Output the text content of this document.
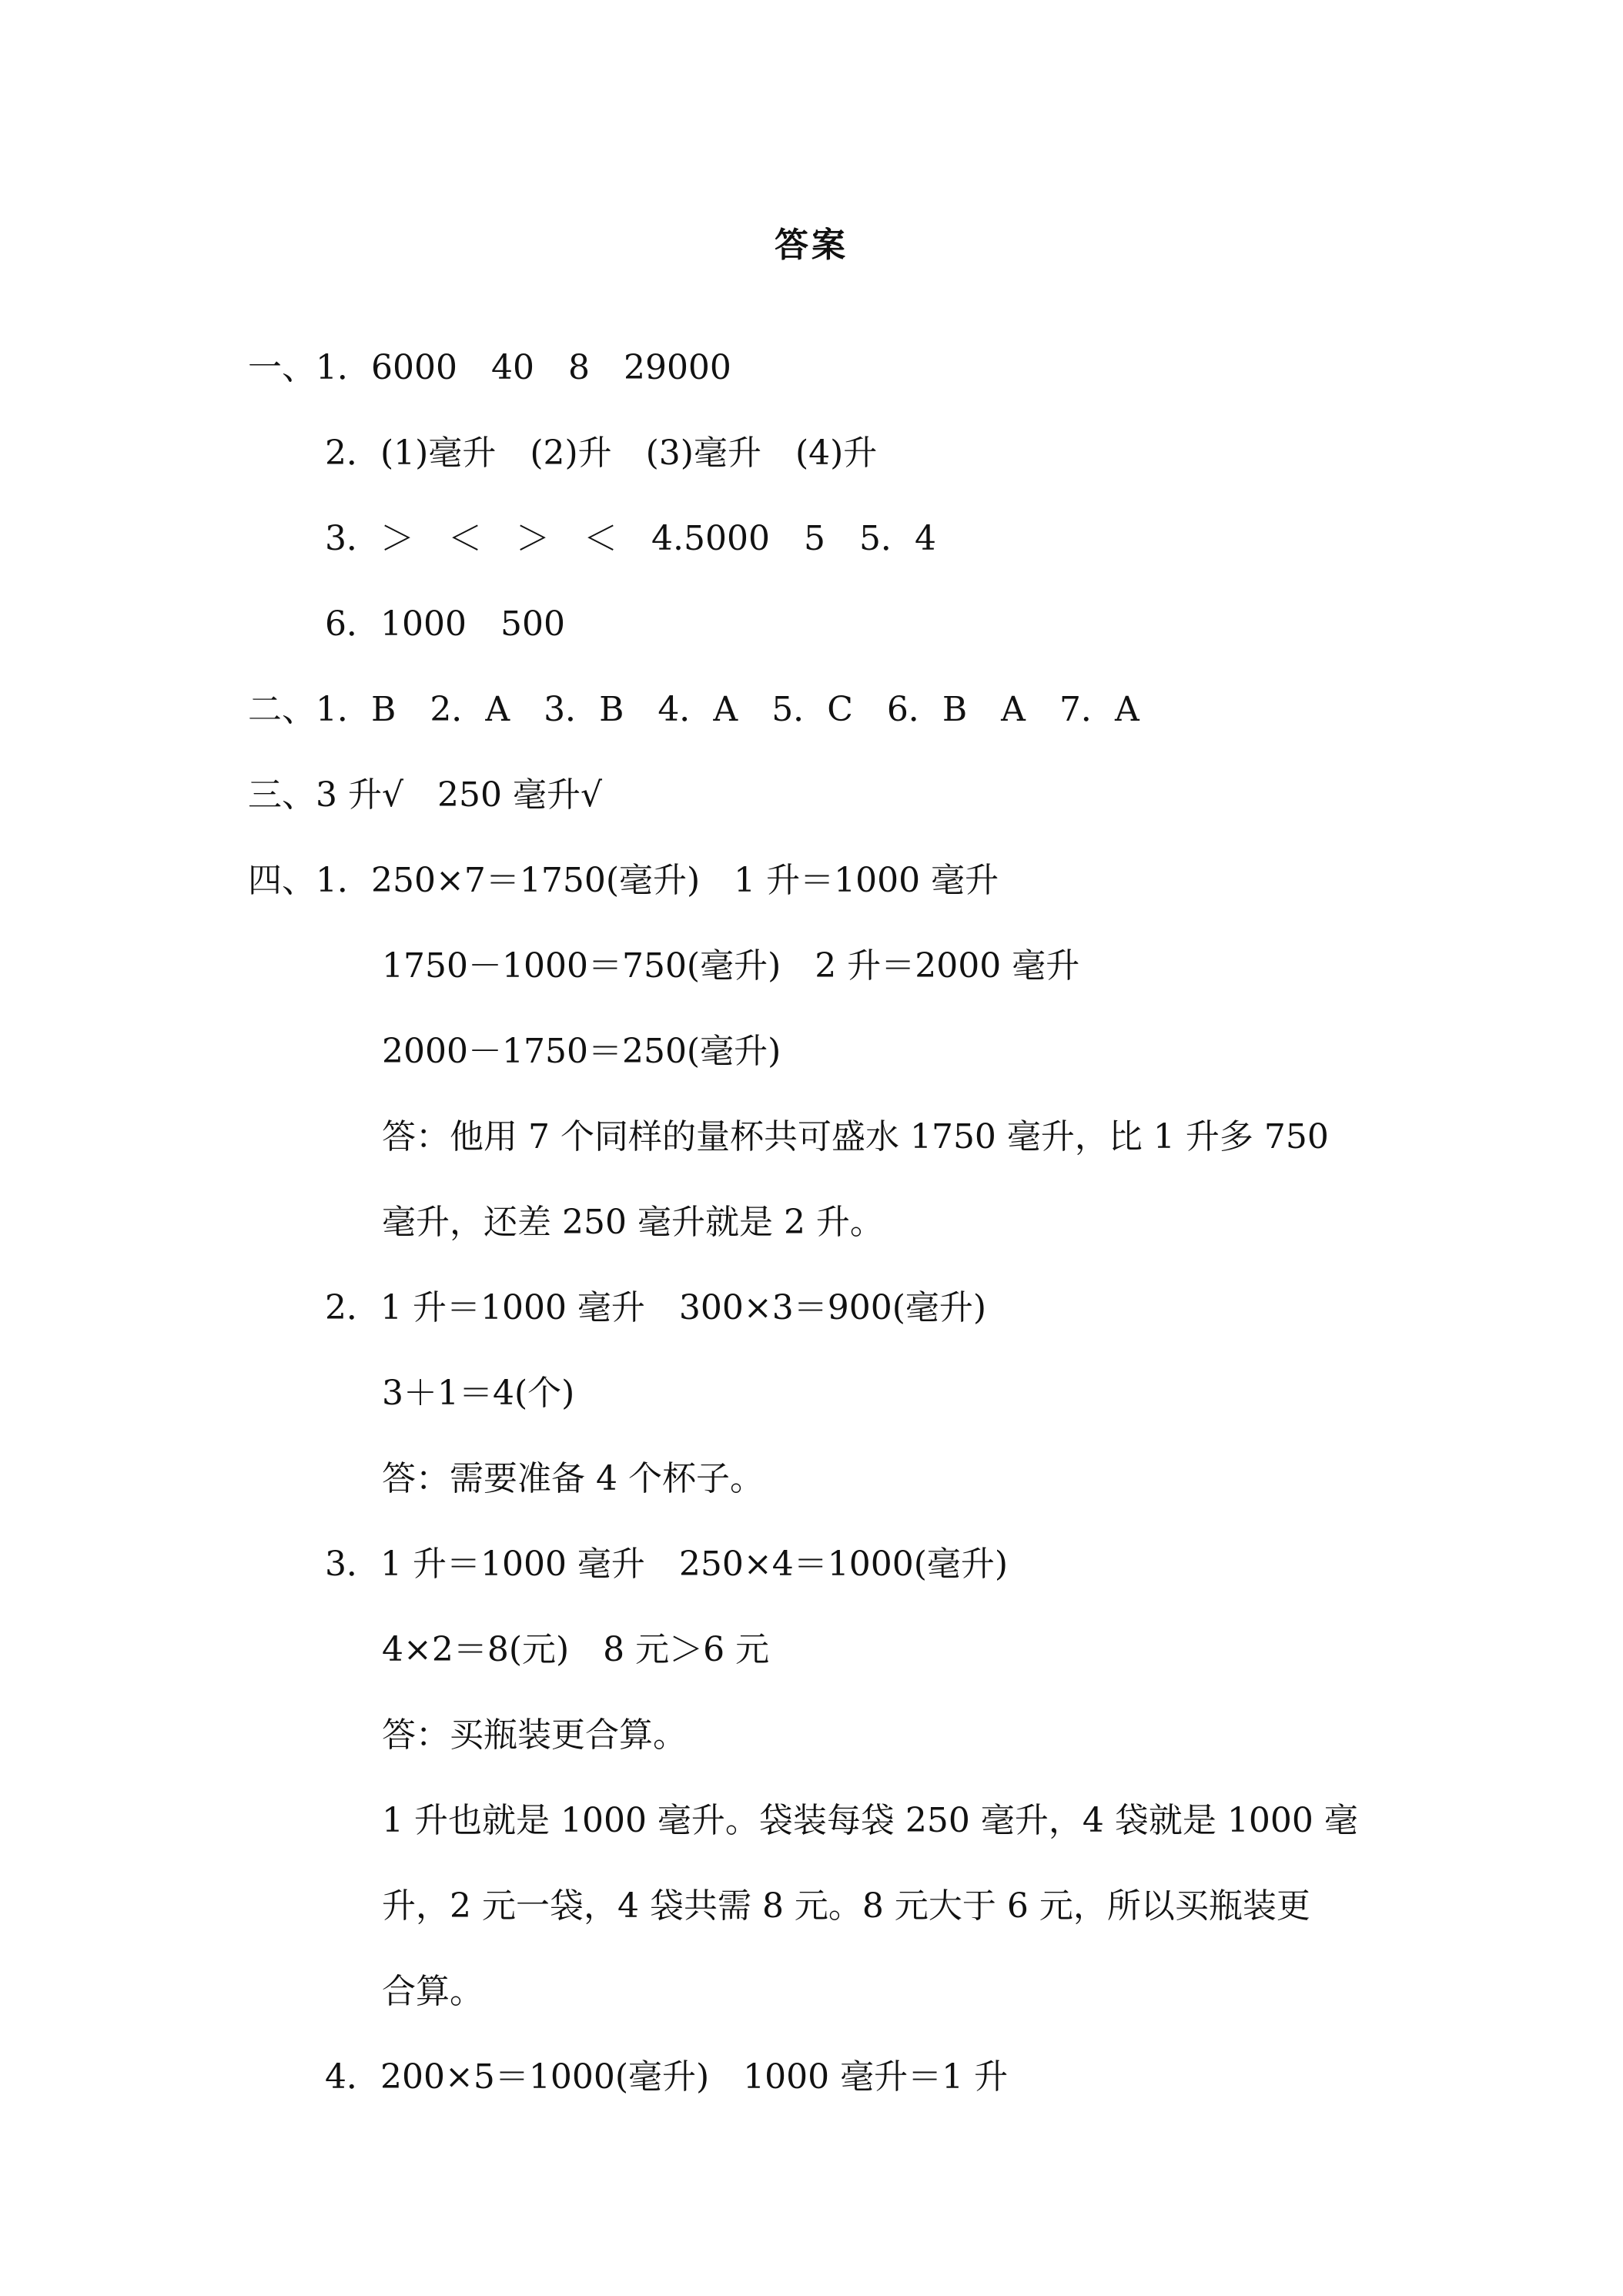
答案
一、1．6000　40　8　29000
2．(1)毫升　(2)升　(3)毫升　(4)升
3．＞　＜　＞　＜　4.5000　5　5．4
6．1000　500
二、1．B　2．A　3．B　4．A　5．C　6．B　A　7．A
三、3 升√　250 毫升√
四、1．250×7＝1750(毫升)　1 升＝1000 毫升
1750－1000＝750(毫升)　2 升＝2000 毫升
2000－1750＝250(毫升)
答：他用 7 个同样的量杯共可盛水 1750 毫升，比 1 升多 750
毫升，还差 250 毫升就是 2 升。
2．1 升＝1000 毫升　300×3＝900(毫升)
3＋1＝4(个)
答：需要准备 4 个杯子。
3．1 升＝1000 毫升　250×4＝1000(毫升)
4×2＝8(元)　8 元＞6 元
答：买瓶装更合算。
1 升也就是 1000 毫升。袋装每袋 250 毫升，4 袋就是 1000 毫
升，2 元一袋，4 袋共需 8 元。8 元大于 6 元，所以买瓶装更
合算。
4．200×5＝1000(毫升)　1000 毫升＝1 升
